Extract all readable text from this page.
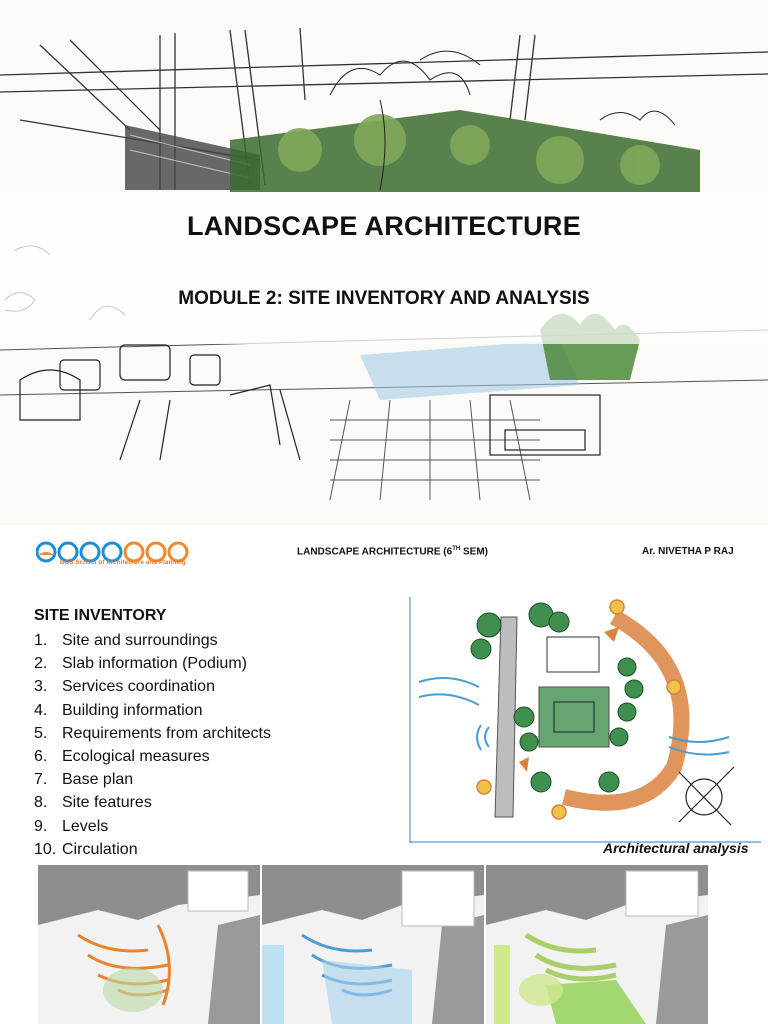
LANDSCAPE ARCHITECTURE
MODULE 2: SITE INVENTORY AND ANALYSIS
BGS School of Architecture and Planning
LANDSCAPE ARCHITECTURE (6TH SEM)	Ar. NIVETHA P RAJ
SITE INVENTORY
1. Site and surroundings
2. Slab information (Podium)
3. Services coordination
4. Building information
5. Requirements from architects
6. Ecological measures
7. Base plan
8. Site features
9. Levels
10. Circulation	Architectural analysis
